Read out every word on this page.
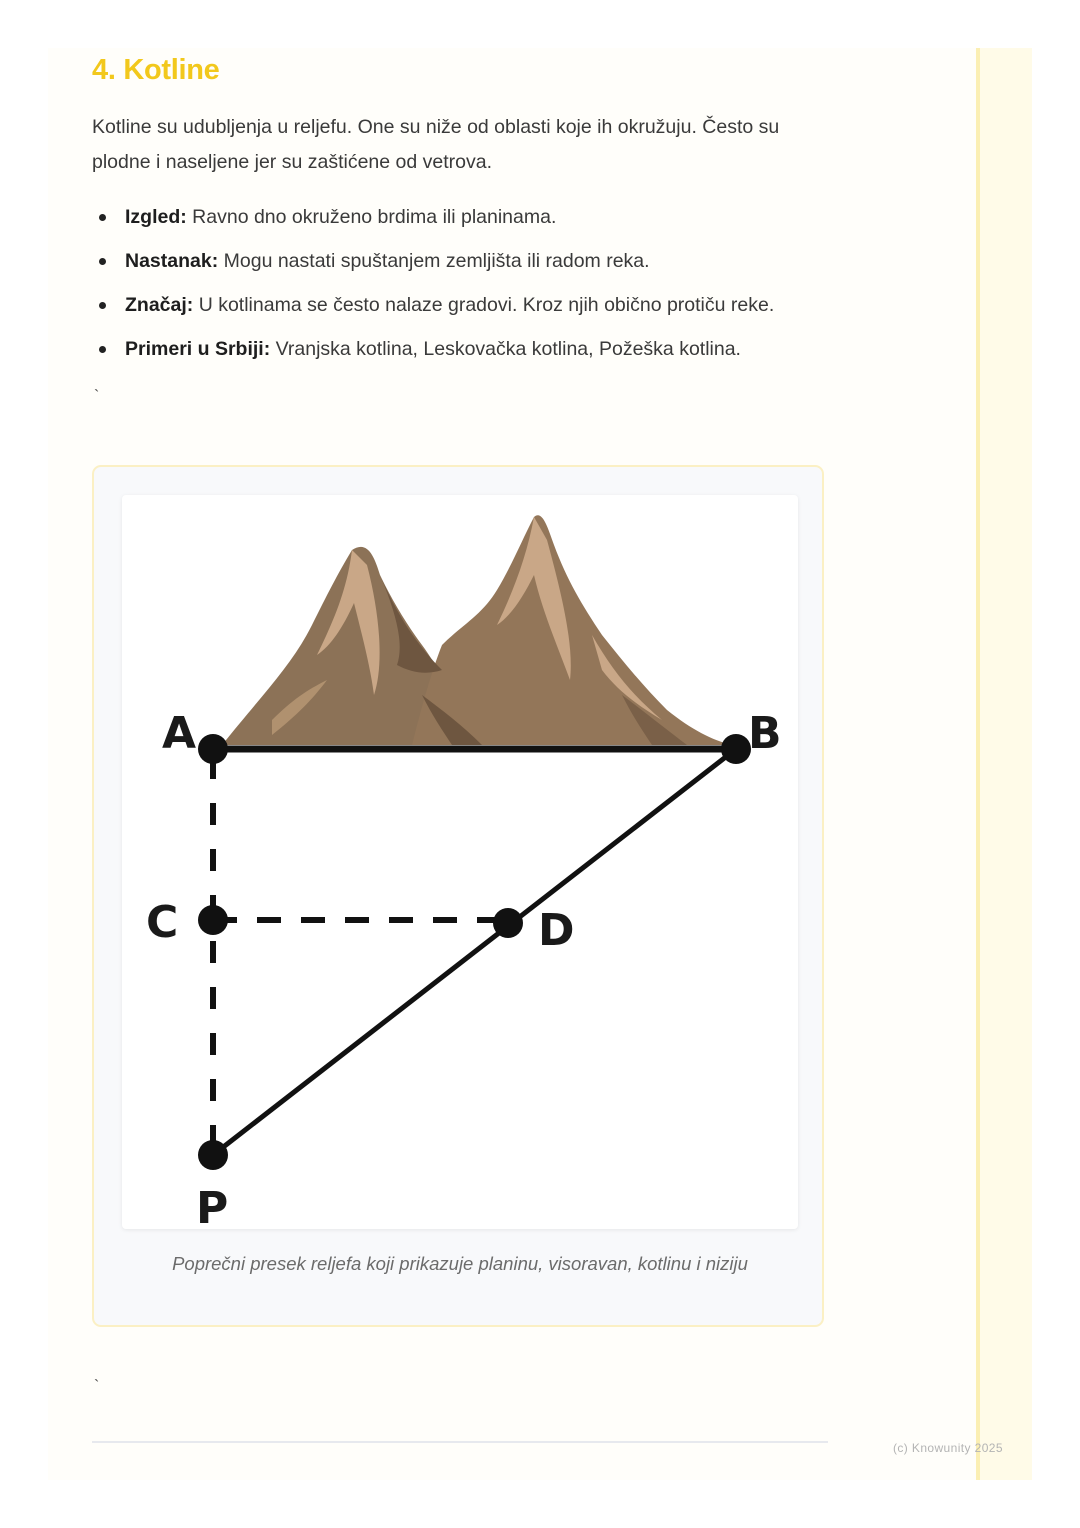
4. Kotline

Kotline su udubljenja u reljefu. One su niže od oblasti koje ih okružuju. Često su plodne i naseljene jer su zaštićene od vetrova.

Izgled: Ravno dno okruženo brdima ili planinama.
Nastanak: Mogu nastati spuštanjem zemljišta ili radom reka.
Značaj: U kotlinama se često nalaze gradovi. Kroz njih obično protiču reke.
Primeri u Srbiji: Vranjska kotlina, Leskovačka kotlina, Požeška kotlina.
`
`
A	B
C	D
P
Poprečni presek reljefa koji prikazuje planinu, visoravan, kotlinu i niziju
(c) Knowunity 2025
